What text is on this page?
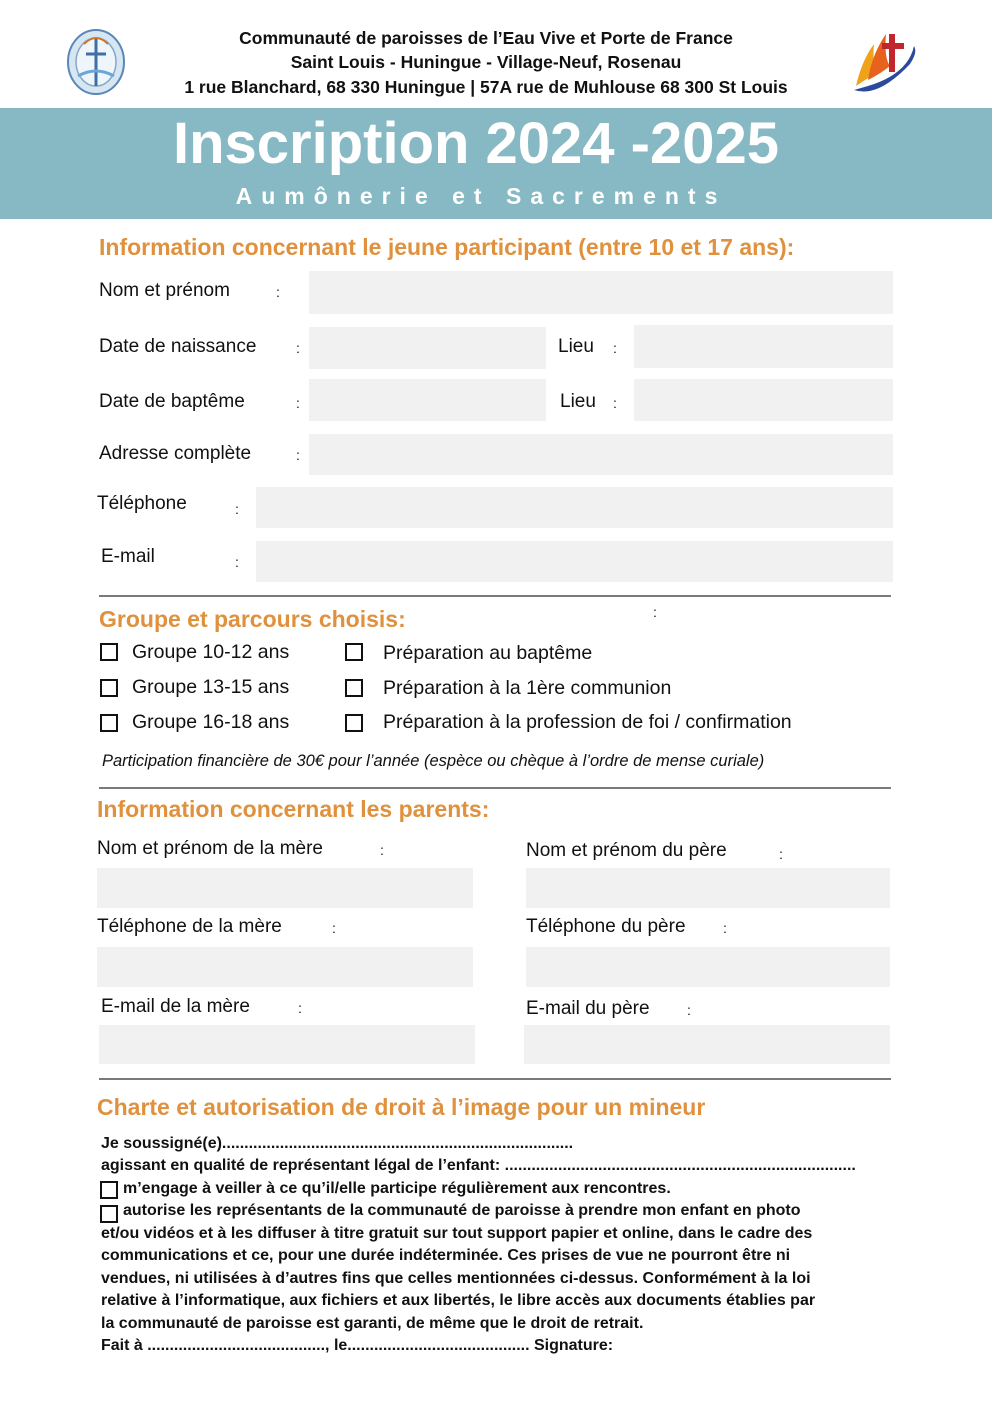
Communauté de paroisses de l’Eau Vive et Porte de France
Saint Louis - Huningue - Village-Neuf, Rosenau
1 rue Blanchard, 68 330 Huningue | 57A rue de Muhlouse 68 300 St Louis
Inscription 2024 -2025
Aumônerie et Sacrements
Information concernant le jeune participant (entre 10 et 17 ans):
Nom et prénom	:
Date de naissance	:	Lieu :
Date de baptême	:	Lieu :
Adresse complète	:
Téléphone	:
E-mail	:
Groupe et parcours choisis:	:
Groupe 10-12 ans
Groupe 13-15 ans
Groupe 16-18 ans
Préparation au baptême
Préparation à la 1ère communion
Préparation à la profession de foi / confirmation
Participation financière de 30€ pour l’année (espèce ou chèque à l’ordre de mense curiale)
Information concernant les parents:
Nom et prénom de la mère	:	Nom et prénom du père	:
Téléphone de la mère	:	Téléphone du père	:
E-mail de la mère	:	E-mail du père	:
Charte et autorisation de droit à l’image pour un mineur
Je soussigné(e)...............................................................................
agissant en qualité de représentant légal de l’enfant: ...............................................................................
m’engage à veiller à ce qu’il/elle participe régulièrement aux rencontres.
autorise les représentants de la communauté de paroisse à prendre mon enfant en photo
et/ou vidéos et à les diffuser à titre gratuit sur tout support papier et online, dans le cadre des
communications et ce, pour une durée indéterminée. Ces prises de vue ne pourront être ni
vendues, ni utilisées à d’autres fins que celles mentionnées ci-dessus. Conformément à la loi
relative à l’informatique, aux fichiers et aux libertés, le libre accès aux documents établies par
la communauté de paroisse est garanti, de même que le droit de retrait.
Fait à ........................................, le......................................... Signature:
